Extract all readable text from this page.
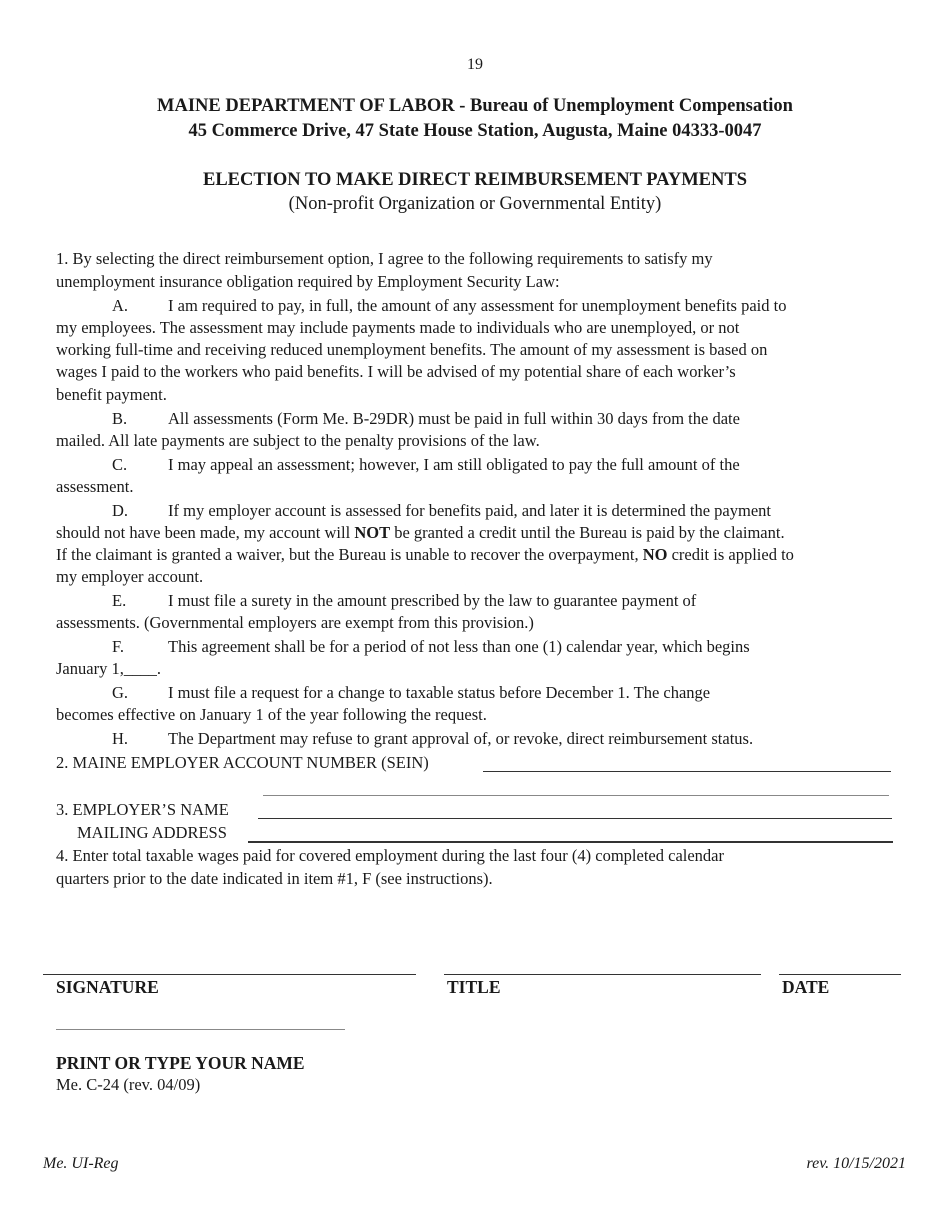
19
MAINE DEPARTMENT OF LABOR - Bureau of Unemployment Compensation
45 Commerce Drive, 47 State House Station, Augusta, Maine 04333-0047
ELECTION TO MAKE DIRECT REIMBURSEMENT PAYMENTS
(Non-profit Organization or Governmental Entity)
1. By selecting the direct reimbursement option, I agree to the following requirements to satisfy my
unemployment insurance obligation required by Employment Security Law:
A. I am required to pay, in full, the amount of any assessment for unemployment benefits paid to
my employees. The assessment may include payments made to individuals who are unemployed, or not
working full-time and receiving reduced unemployment benefits. The amount of my assessment is based on
wages I paid to the workers who paid benefits. I will be advised of my potential share of each worker’s
benefit payment.
B. All assessments (Form Me. B-29DR) must be paid in full within 30 days from the date
mailed. All late payments are subject to the penalty provisions of the law.
C. I may appeal an assessment; however, I am still obligated to pay the full amount of the
assessment.
D. If my employer account is assessed for benefits paid, and later it is determined the payment
should not have been made, my account will NOT be granted a credit until the Bureau is paid by the claimant.
If the claimant is granted a waiver, but the Bureau is unable to recover the overpayment, NO credit is applied to
my employer account.
E.	I must file a surety in the amount prescribed by the law to guarantee payment of
assessments. (Governmental employers are exempt from this provision.)
F.	This agreement shall be for a period of not less than one (1) calendar year, which begins
January 1,____.
G. I must file a request for a change to taxable status before December 1. The change
becomes effective on January 1 of the year following the request.
H. The Department may refuse to grant approval of, or revoke, direct reimbursement status.
2. MAINE EMPLOYER ACCOUNT NUMBER (SEIN)
3. EMPLOYER’S NAME
MAILING ADDRESS
4. Enter total taxable wages paid for covered employment during the last four (4) completed calendar
quarters prior to the date indicated in item #1, F (see instructions).
SIGNATURE	TITLE	DATE
PRINT OR TYPE YOUR NAME
Me. C-24 (rev. 04/09)
Me. UI-Reg	rev. 10/15/2021
